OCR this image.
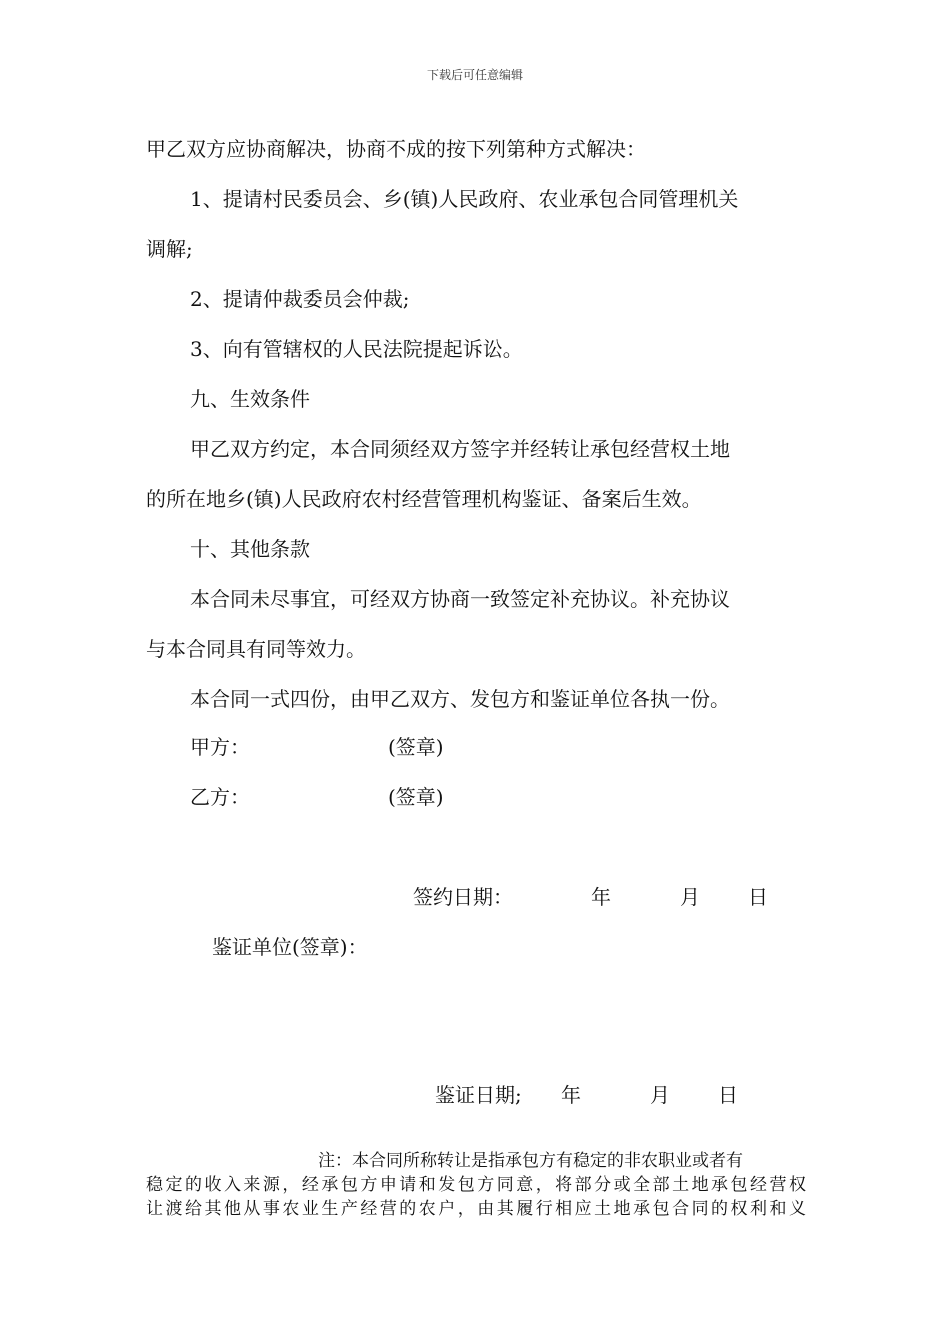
下载后可任意编辑
甲乙双方应协商解决，协商不成的按下列第种方式解决：
1、提请村民委员会、乡(镇)人民政府、农业承包合同管理机关
调解;
2、提请仲裁委员会仲裁;
3、向有管辖权的人民法院提起诉讼。
九、生效条件
甲乙双方约定，本合同须经双方签字并经转让承包经营权土地
的所在地乡(镇)人民政府农村经营管理机构鉴证、备案后生效。
十、其他条款
本合同未尽事宜，可经双方协商一致签定补充协议。补充协议
与本合同具有同等效力。
本合同一式四份，由甲乙双方、发包方和鉴证单位各执一份。
甲方：	(签章)
乙方：	(签章)
签约日期：	年	月 日
鉴证单位(签章)：
鉴证日期; 年	月 日
注：本合同所称转让是指承包方有稳定的非农职业或者有
稳定的收入来源，经承包方申请和发包方同意，将部分或全部土地承包经营权
让渡给其他从事农业生产经营的农户，由其履行相应土地承包合同的权利和义
